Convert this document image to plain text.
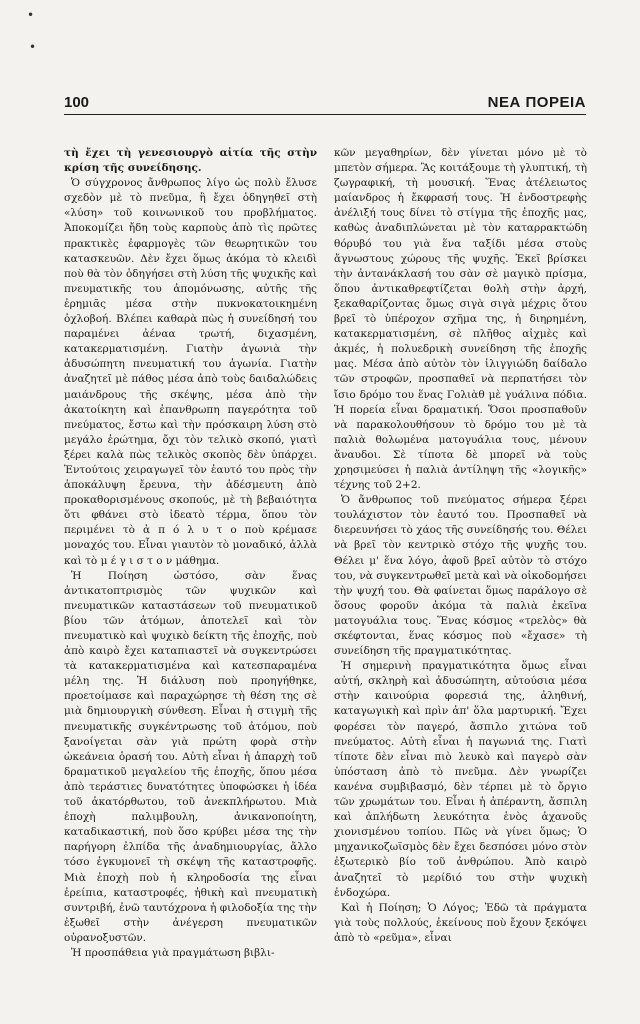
•
•
100	ΝΕΑ ΠΟΡΕΙΑ

τὴ ἔχει τὴ γενεσιουργὸ αἰτία τῆς στὴν κρίση τῆς συνείδησης.

Ὁ σύγχρονος ἄνθρωπος λίγο ὡς πολὺ ἔλυσε σχεδὸν μὲ τὸ πνεῦμα, ἢ ἔχει ὁδηγηθεῖ στὴ «λύση» τοῦ κοινωνικοῦ του προβλήματος. Ἀποκομίζει ἤδη τοὺς καρποὺς ἀπὸ τὶς πρῶτες πρακτικὲς ἐφαρμογὲς τῶν θεωρητικῶν του κατασκευῶν. Δὲν ἔχει ὅμως ἀκόμα τὸ κλειδὶ ποὺ θὰ τὸν ὁδηγήσει στὴ λύση τῆς ψυχικῆς καὶ πνευματικῆς του ἀπομόνωσης, αὐτῆς τῆς ἐρημιᾶς μέσα στὴν πυκνοκατοικημένη ὀχλοβοή. Βλέπει καθαρὰ πὼς ἡ συνείδησή του παραμένει ἀέναα τρωτή, διχασμένη, κατακερματισμένη. Γιατὴν ἀγωνιὰ τὴν ἀδυσώπητη πνευματική του ἀγωνία. Γιατὴν ἀναζητεῖ μὲ πάθος μέσα ἀπὸ τοὺς δαιδαλώδεις μαιάνδρους τῆς σκέψης, μέσα ἀπὸ τὴν ἀκατοίκητη καὶ ἐπανθρωπη παγερότητα τοῦ πνεύματος, ἔστω καὶ τὴν πρόσκαιρη λύση στὸ μεγάλο ἐρώτημα, ὄχι τὸν τελικὸ σκοπό, γιατὶ ξέρει καλὰ πὼς τελικὸς σκοπὸς δὲν ὑπάρχει. Ἐντούτοις χειραγωγεῖ τὸν ἑαυτό του πρὸς τὴν ἀποκάλυψη ἔρευνα, τὴν ἀδέσμευτη ἀπὸ προκαθορισμένους σκοπούς, μὲ τὴ βεβαιότητα ὅτι φθάνει στὸ ἰδεατὸ τέρμα, ὅπου τὸν περιμένει τὸ ἀ π ό λ υ τ ο ποὺ κρέμασε μοναχός του. Εἶναι γιαυτὸν τὸ μοναδικό, ἀλλὰ καὶ τὸ μ έ γ ι σ τ ο ν μάθημα.

Ἡ Ποίηση ὡστόσο, σὰν ἕνας ἀντικατοπτρισμὸς τῶν ψυχικῶν καὶ πνευματικῶν καταστάσεων τοῦ πνευματικοῦ βίου τῶν ἀτόμων, ἀποτελεῖ καὶ τὸν πνευματικὸ καὶ ψυχικὸ δείκτη τῆς ἐποχῆς, ποὺ ἀπὸ καιρὸ ἔχει καταπιαστεῖ νὰ συγκεντρώσει τὰ κατακερματισμένα καὶ κατεσπαραμένα μέλη της. Ἡ διάλυση ποὺ προηγήθηκε, προετοίμασε καὶ παραχώρησε τὴ θέση της σὲ μιὰ δημιουργικὴ σύνθεση. Εἶναι ἡ στιγμὴ τῆς πνευματικῆς συγκέντρωσης τοῦ ἀτόμου, ποὺ ξανοίγεται σὰν γιὰ πρώτη φορὰ στὴν ὠκεάνεια ὁρασή του. Αὐτὴ εἶναι ἡ ἀπαρχὴ τοῦ δραματικοῦ μεγαλείου τῆς ἐποχῆς, ὅπου μέσα ἀπὸ τεράστιες δυνατότητες ὑποφώσκει ἡ ἰδέα τοῦ ἀκατόρθωτου, τοῦ ἀνεκπλήρωτου. Μιὰ ἐποχὴ παλιμβουλη, ἀνικανοποίητη, καταδικαστική, ποὺ ὅσο κρύβει μέσα της τὴν παρήγορη ἐλπίδα τῆς ἀναδημιουργίας, ἄλλο τόσο ἐγκυμονεῖ τὴ σκέψη τῆς καταστροφῆς. Μιὰ ἐποχὴ ποὺ ἡ κληροδοσία της εἶναι ἐρείπια, καταστροφές, ἠθικὴ καὶ πνευματικὴ συντριβή, ἐνῶ ταυτόχρονα ἡ φιλοδοξία της τὴν ἐξωθεῖ στὴν ἀνέγερση πνευματικῶν οὐρανοξυστῶν.

Ἡ προσπάθεια γιὰ πραγμάτωση βιβλι-

κῶν μεγαθηρίων, δὲν γίνεται μόνο μὲ τὸ μπετὸν σήμερα. Ἂς κοιτάξουμε τὴ γλυπτική, τὴ ζωγραφική, τὴ μουσική. Ἕνας ἀτέλειωτος μαίανδρος ἡ ἔκφρασή τους. Ἡ ἐνδοστρεφὴς ἀνέλιξή τους δίνει τὸ στίγμα τῆς ἐποχῆς μας, καθὼς ἀναδιπλώνεται μὲ τὸν καταρρακτώδη θόρυβό του γιὰ ἕνα ταξίδι μέσα στοὺς ἄγνωστους χώρους τῆς ψυχῆς. Ἐκεῖ βρίσκει τὴν ἀντανάκλασή του σὰν σὲ μαγικὸ πρίσμα, ὅπου ἀντικαθρεφτίζεται θολὴ στὴν ἀρχή, ξεκαθαρίζοντας ὅμως σιγὰ σιγὰ μέχρις ὅτου βρεῖ τὸ ὑπέροχον σχῆμα της, ἡ διηρημένη, κατακερματισμένη, σὲ πλῆθος αἰχμὲς καὶ ἀκμές, ἡ πολυεδρικὴ συνείδηση τῆς ἐποχῆς μας. Μέσα ἀπὸ αὐτὸν τὸν ἰλιγγιώδη δαίδαλο τῶν στροφῶν, προσπαθεῖ νὰ περπατήσει τὸν ἴσιο δρόμο του ἕνας Γολιὰθ μὲ γυάλινα πόδια. Ἡ πορεία εἶναι δραματική. Ὅσοι προσπαθοῦν νὰ παρακολουθήσουν τὸ δρόμο του μὲ τὰ παλιὰ θολωμένα ματογυάλια τους, μένουν ἄναυδοι. Σὲ τίποτα δὲ μπορεῖ νὰ τοὺς χρησιμεύσει ἡ παλιὰ ἀντίληψη τῆς «λογικῆς» τέχνης τοῦ 2+2.

Ὁ ἄνθρωπος τοῦ πνεύματος σήμερα ξέρει τουλάχιστον τὸν ἑαυτό του. Προσπαθεῖ νὰ διερευνήσει τὸ χάος τῆς συνείδησής του. Θέλει νὰ βρεῖ τὸν κεντρικὸ στόχο τῆς ψυχῆς του. Θέλει μ' ἕνα λόγο, ἀφοῦ βρεῖ αὐτὸν τὸ στόχο του, νὰ συγκεντρωθεῖ μετὰ καὶ νὰ οἰκοδομήσει τὴν ψυχή του. Θὰ φαίνεται ὅμως παράλογο σὲ ὅσους φοροῦν ἀκόμα τὰ παλιὰ ἐκεῖνα ματογυάλια τους. Ἕνας κόσμος «τρελὸς» θὰ σκέφτονται, ἕνας κόσμος ποὺ «ἔχασε» τὴ συνείδηση τῆς πραγματικότητας.

Ἡ σημερινὴ πραγματικότητα ὅμως εἶναι αὐτή, σκληρὴ καὶ ἀδυσώπητη, αὐτούσια μέσα στὴν καινούρια φορεσιά της, ἀληθινή, καταγωγικὴ καὶ πρὶν ἀπ' ὅλα μαρτυρική. Ἔχει φορέσει τὸν παγερό, ἄσπιλο χιτώνα τοῦ πνεύματος. Αὐτὴ εἶναι ἡ παγωνιά της. Γιατὶ τίποτε δὲν εἶναι πιὸ λευκὸ καὶ παγερὸ σὰν ὑπόσταση ἀπὸ τὸ πνεῦμα. Δὲν γνωρίζει κανένα συμβιβασμό, δὲν τέρπει μὲ τὸ ὄργιο τῶν χρωμάτων του. Εἶναι ἡ ἀπέραντη, ἄσπιλη καὶ ἀπλήδωτη λευκότητα ἑνὸς ἀχανοῦς χιονισμένου τοπίου. Πῶς νὰ γίνει ὅμως; Ὁ μηχανικοζωϊσμὸς δὲν ἔχει δεσπόσει μόνο στὸν ἐξωτερικὸ βίο τοῦ ἀνθρώπου. Ἀπὸ καιρὸ ἀναζητεῖ τὸ μερίδιό του στὴν ψυχικὴ ἐνδοχώρα.

Καὶ ἡ Ποίηση; Ὁ Λόγος; Ἐδῶ τὰ πράγματα γιὰ τοὺς πολλούς, ἐκείνους ποὺ ἔχουν ξεκόψει ἀπὸ τὸ «ρεῦμα», εἶναι
